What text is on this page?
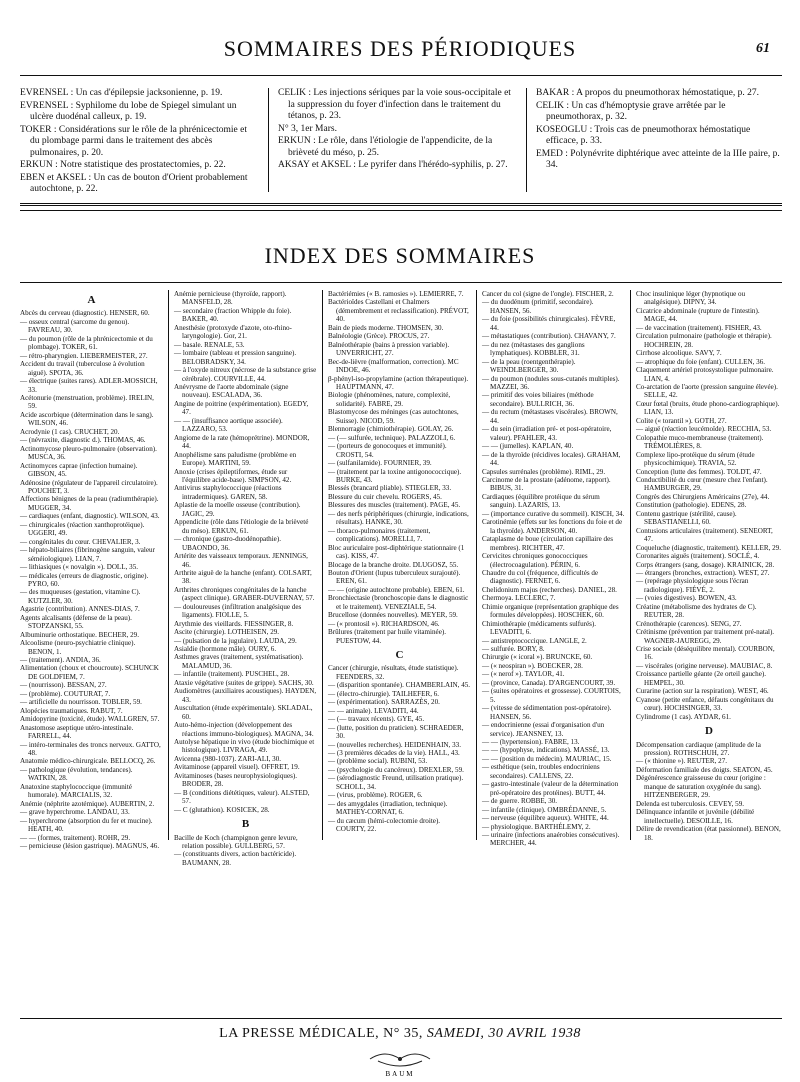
SOMMAIRES DES PÉRIODIQUES	61

EVRENSEL : Un cas d'épilepsie jacksonienne, p. 19.

EVRENSEL : Syphilome du lobe de Spiegel simulant un ulcère duodénal calleux, p. 19.

TOKER : Considérations sur le rôle de la phrénicectomie et du plombage parmi dans le traitement des abcès pulmonaires, p. 20.

ERKUN : Notre statistique des prostatectomies, p. 22.

EBEN et AKSEL : Un cas de bouton d'Orient probablement autochtone, p. 22.

CELIK : Les injections sériques par la voie sous-occipitale et la suppression du foyer d'infection dans le traitement du tétanos, p. 23.

N° 3, 1er Mars.

ERKUN : Le rôle, dans l'étiologie de l'appendicite, de la brièveté du méso, p. 25.

AKSAY et AKSEL : Le pyrifer dans l'hérédo-syphilis, p. 27.

BAKAR : A propos du pneumothorax hémostatique, p. 27.

CELIK : Un cas d'hémoptysie grave arrêtée par le pneumothorax, p. 32.

KOSEOGLU : Trois cas de pneumothorax hémostatique efficace, p. 33.

EMED : Polynévrite diphtérique avec atteinte de la IIIe paire, p. 34.

INDEX DES SOMMAIRES
A

Abcès du cerveau (diagnostic). HENSER, 60.

— osseux central (sarcome du genou). FAVREAU, 30.

— du poumon (rôle de la phrénicectomie et du plombage). TOKER, 61.

— rétro-pharyngien. LIEBERMEISTER, 27.

Accident du travail (tuberculose à évolution aiguë). SPOTA, 36.

— électrique (suites rares). ADLER-MOSSICH, 33.

Acétonurie (menstruation, problème). IRELIN, 59.

Acide ascorbique (détermination dans le sang). WILSON, 46.

Acrodynie (1 cas). CRUCHET, 20.

— (névraxite, diagnostic d.). THOMAS, 46.

Actinomycose pleuro-pulmonaire (observation). MUSCA, 36.

Actinomyces caprae (infection humaine). GIBSON, 45.

Adénosine (régulateur de l'appareil circulatoire). POUCHET, 3.

Affections bénignes de la peau (radiumthérapie). MUGGER, 34.

— cardiaques (enfant, diagnostic). WILSON, 43.

— chirurgicales (réaction xanthoprotéique). UGGERI, 49.

— congénitales du cœur. CHEVALIER, 3.

— hépato-biliaires (fibrinogène sanguin, valeur séméiologique). LIAN, 7.

— lithiasiques (« novalgin »). DOLL, 35.

— médicales (erreurs de diagnostic, origine). PYRO, 60.

— des muqueuses (gestation, vitamine C). KUTZLER, 30.

Agastrie (contribution). ANNES-DIAS, 7.

Agents alcalisants (défense de la peau). STOPZANSKI, 55.

Albuminurie orthostatique. BECHER, 29.

Alcoolisme (neuro-psychiatrie clinique). BENON, 1.

— (traitement). ANDIA, 36.

Alimentation (choux et choucroute). SCHUNCK DE GOLDFIEM, 7.

— (nourrisson). BESSAN, 27.

— (problème). COUTURAT, 7.

— artificielle du nourrisson. TOBLER, 59.

Alopécies traumatiques. RABUT, 7.

Amidopyrine (toxicité, étude). WALLGREN, 57.

Anastomose aseptique utéro-intestinale. FARRELL, 44.

— intéro-terminales des troncs nerveux. GATTO, 48.

Anatomie médico-chirurgicale. BELLOCQ, 26.

— pathologique (évolution, tendances). WATKIN, 28.

Anatoxine staphylococcique (immunité humorale). MARCIALIS, 32.

Anémie (néphrite azotémique). AUBERTIN, 2.

— grave hyperchrome. LANDAU, 33.

— hyperchrome (absorption du fer et mucine). HEATH, 40.

— — (formes, traitement). ROHR, 29.

— pernicieuse (lésion gastrique). MAGNUS, 46.

Anémie pernicieuse (thyroïde, rapport). MANSFELD, 28.

— secondaire (fraction Whipple du foie). BAKER, 40.

Anesthésie (protoxyde d'azote, oto-rhino-laryngologie). Gor, 21.

— basale. RENALE, 53.

— lombaire (tableau et pression sanguine). BELOBRADSKY, 34.

— à l'oxyde nitreux (nécrose de la substance grise cérébrale). COURVILLE, 44.

Anévrysme de l'aorte abdominale (signe nouveau). ESCALADA, 36.

Angine de poitrine (expérimentation). EGEDY, 47.

— — (insuffisance aortique associée). LAZZARO, 53.

Angiome de la rate (hémoprétrine). MONDOR, 44.

Anophélisme sans paludisme (problème en Europe). MARTINI, 59.

Anoxie (crises épileptiformes, étude sur l'équilibre acide-base). SIMPSON, 42.

Antivirus staphylococcique (réactions intradermiques). GAREN, 58.

Aplastie de la moelle osseuse (contribution). JAGIC, 29.

Appendicite (rôle dans l'étiologie de la brièveté du méso). ERKUN, 61.

— chronique (gastro-duodénopathie). UBAONDO, 36.

Artérite des vaisseaux temporaux. JENNINGS, 46.

Arthrite aiguë de la hanche (enfant). COLSART, 38.

Arthrites chroniques congénitales de la hanche (aspect clinique). GRABER-DUVERNAY, 57.

— douloureuses (infiltration analgésique des ligaments). FIOLLE, 5.

Arythmie des vieillards. FIESSINGER, 8.

Ascite (chirurgie). LOTHEISEN, 29.

— (pulsation de la jugulaire). LAUDA, 29.

Asialdie (hormone mâle). OURY, 6.

Asthmes graves (traitement, systématisation). MALAMUD, 36.

— infantile (traitement). PUSCHEL, 28.

Ataxie végétative (suites de grippe). SACHS, 30.

Audiomètres (auxiliaires acoustiques). HAYDEN, 43.

Auscultation (étude expérimentale). SKLADAL, 60.

Auto-hémo-injection (développement des réactions immuno-biologiques). MAGNA, 34.

Autolyse hépatique in vivo (étude biochimique et histologique). LIVRAGA, 49.

Avicenna (980-1037). ZARI-ALI, 30.

Avitaminose (appareil visuel). OFFRET, 19.

Avitaminoses (bases neurophysiologiques). BRODER, 28.

— B (conditions diététiques, valeur). ALSTED, 57.

— C (glutathion). KOSICEK, 28.

B

Bacille de Koch (champignon genre levure, relation possible). GULLBERG, 57.

— (constituants divers, action bactéricide). BAUMANN, 28.

Bactériémies (« B. ramosies »). LEMIERRE, 7.

Bactérioïdes Castellani et Chalmers (démembrement et reclassification). PRÉVOT, 40.

Bain de pieds moderne. THOMSEN, 30.

Balnéologie (Grèce). PROCUS, 27.

Balnéothérapie (bains à pression variable). UNVERRICHT, 27.

Bec-de-lièvre (malformation, correction). MC INDOE, 46.

β-phényl-iso-propylamine (action thérapeutique). HAUPTMANN, 47.

Biologie (phénomènes, nature, complexité, solidarité). FABRE, 29.

Blastomycose des méninges (cas autochtones, Suisse). NICOD, 59.

Blennorragie (chimiothérapie). GOLAY, 26.

— (— sulfurée, technique). PALAZZOLI, 6.

— (porteurs de gonocoques et immunité). CROSTI, 54.

— (sulfanilamide). FOURNIER, 39.

— (traitement par la toxine antigonococcique). BURKE, 43.

Blessés (brancard pliable). STIEGLER, 33.

Blessure du cuir chevelu. ROGERS, 45.

Blessures des muscles (traitement). PAGE, 45.

— des nerfs périphériques (chirurgie, indications, résultats). HANKE, 30.

— thoraco-pulmonaires (traitement, complications). MORELLI, 7.

Bloc auriculaire post-diphtérique stationnaire (1 cas). KISS, 47.

Blocage de la branche droite. DLUGOSZ, 55.

Bouton d'Orient (lupus tuberculeux surajouté). EREN, 61.

— — (origine autochtone probable). EBEN, 61.

Bronchiectasie (bronchoscopie dans le diagnostic et le traitement). VENEZIALE, 54.

Brucellose (données nouvelles). MEYER, 59.

— (« prontosil »). RICHARDSON, 46.

Brûlures (traitement par huile vitaminée). PUESTOW, 44.

C

Cancer (chirurgie, résultats, étude statistique). FEENDERS, 32.

— (disparition spontanée). CHAMBERLAIN, 45.

— (électro-chirurgie). TAILHEFER, 6.

— (expérimentation). SARRAZÈS, 20.

— — animale). LEVADITI, 44.

— (— travaux récents). GYE, 45.

— (lutte, position du praticien). SCHRAEDER, 30.

— (nouvelles recherches). HEIDENHAIN, 33.

— (3 premières décades de la vie). HALL, 43.

— (problème social). RUBINI, 53.

— (psychologie du cancéreux). DREXLER, 59.

— (sérodiagnostic Freund, utilisation pratique). SCHOLL, 34.

— (virus, problème). ROGER, 6.

— des amygdales (irradiation, technique). MATHEY-CORNAT, 6.

— du cæcum (hémi-colectomie droite). COURTY, 22.

Cancer du col (signe de l'ongle). FISCHER, 2.

— du duodénum (primitif, secondaire). HANSEN, 56.

— du foie (possibilités chirurgicales). FÈVRE, 44.

— métastatiques (contribution). CHAVANY, 7.

— du nez (métastases des ganglions lymphatiques). KOBBLER, 31.

— de la peau (roentgenthérapie). WEINDLBERGER, 30.

— du poumon (nodules sous-cutanés multiples). MAZZEI, 36.

— primitif des voies biliaires (méthode secondaire). BULLRICH, 36.

— du rectum (métastases viscérales). BROWN, 44.

— du sein (irradiation pré- et post-opératoire, valeur). PFAHLER, 43.

— — (jumelles). KAPLAN, 40.

— de la thyroïde (récidives locales). GRAHAM, 44.

Capsules surrénales (problème). RIML, 29.

Carcinome de la prostate (adénome, rapport). BIBUS, 31.

Cardiaques (équilibre protéique du sérum sanguin). LAZARIS, 13.

— (importance curative du sommeil). KISCH, 34.

Carotinémie (effets sur les fonctions du foie et de la thyroïde). ANDERSON, 40.

Cataplasme de boue (circulation capillaire des membres). RICHTER, 47.

Cervicites chroniques gonococciques (électrocoagulation). PÉRIN, 6.

Chaudre du col (fréquence, difficultés de diagnostic). FERNET, 6.

Chelidonium majus (recherches). DANIEL, 28.

Chermoya. LECLERC, 7.

Chimie organique (représentation graphique des formules développées). HOSCHEK, 60.

Chimiothérapie (médicaments sulfurés). LEVADITI, 6.

— antistreptococcique. LANGLE, 2.

— sulfurée. BORY, 8.

Chirurgie (« icoral »). BRUNCKE, 60.

— (« neospiran »). BOECKER, 28.

— (« nerof »). TAYLOR, 41.

— (province, Canada). D'ARGENCOURT, 39.

— (suites opératoires et grossesse). COURTOIS, 5.

— (vitesse de sédimentation post-opératoire). HANSEN, 56.

— endocrinienne (essai d'organisation d'un service). JEANSNEY, 13.

— — (hypertension). FABRE, 13.

— — (hypophyse, indications). MASSÉ, 13.

— — (position du médecin). MAURIAC, 15.

— esthétique (sein, troubles endocriniens secondaires). CALLENS, 22.

— gastro-intestinale (valeur de la détermination pré-opératoire des protéines). BUTT, 44.

— de guerre. ROBBE, 30.

— infantile (clinique). OMBRÉDANNE, 5.

— nerveuse (équilibre aqueux). WHITE, 44.

— physiologique. BARTHÉLEMY, 2.

— urinaire (infections anaérobies consécutives). MERCHER, 44.

Choc insulinique léger (hypnotique ou analgésique). DIPNY, 34.

Cicatrice abdominale (rupture de l'intestin). MAGE, 44.

— de vaccination (traitement). FISHER, 43.

Circulation pulmonaire (pathologie et thérapie). HOCHREIN, 28.

Cirrhose alcoolique. SAVY, 7.

— atrophique du foie (enfant). CULLEN, 36.

Claquement artériel protosystolique pulmonaire. LIAN, 4.

Co-arctation de l'aorte (pression sanguine élevée). SELLE, 42.

Cœur fœtal (bruits, étude phono-cardiographique). LIAN, 13.

Colite (« torantil »). GOTH, 27.

— aiguë (réaction leucémoïde). RECCHIA, 53.

Colopathie muco-membraneuse (traitement). TRÉMOLIÈRES, 8.

Complexe lipo-protéique du sérum (étude physicochimique). TRAVIA, 52.

Conception (lutte des femmes). TOLDT, 47.

Conductibilité du cœur (mesure chez l'enfant). HAMBURGER, 29.

Congrès des Chirurgiens Américains (27e), 44.

Constitution (pathologie). EDENS, 28.

Contenu gastrique (stérilité, cause). SEBASTIANELLI, 60.

Contusions articulaires (traitement). SENEORT, 47.

Coqueluche (diagnostic, traitement). KELLER, 29.

Coronarites aiguës (traitement). SOCLÉ, 4.

Corps étrangers (sang, dosage). KRAINICK, 28.

— étrangers (bronches, extraction). WEST, 27.

— (repérage physiologique sous l'écran radiologique). FIÉVÉ, 2.

— (voies digestives). BOWEN, 43.

Créatine (métabolisme des hydrates de C). REUTER, 28.

Crénothérapie (carences). SENG, 27.

Crétinisme (prévention par traitement pré-natal). WAGNER-JAUREGG, 29.

Crise sociale (déséquilibre mental). COURBON, 16.

— viscérales (origine nerveuse). MAUBIAC, 8.

Croissance partielle géante (2e orteil gauche). HEMPEL, 30.

Curarine (action sur la respiration). WEST, 46.

Cyanose (petite enfance, défauts congénitaux du cœur). HOCHSINGER, 33.

Cylindrome (1 cas). AYDAR, 61.

D

Décompensation cardiaque (amplitude de la pression). ROTHSCHUH, 27.

— (« thionine »). REUTER, 27.

Déformation familiale des doigts. SEATON, 45.

Dégénérescence graisseuse du cœur (origine : manque de saturation oxygénée du sang). HITZENBERGER, 29.

Delenda est tuberculosis. CEVEY, 59.

Délinquance infantile et juvénile (débilité intellectuelle). DESOILLE, 16.

Délire de revendication (état passionnel). BENON, 18.

LA PRESSE MÉDICALE, N° 35, SAMEDI, 30 AVRIL 1938
BAUM
